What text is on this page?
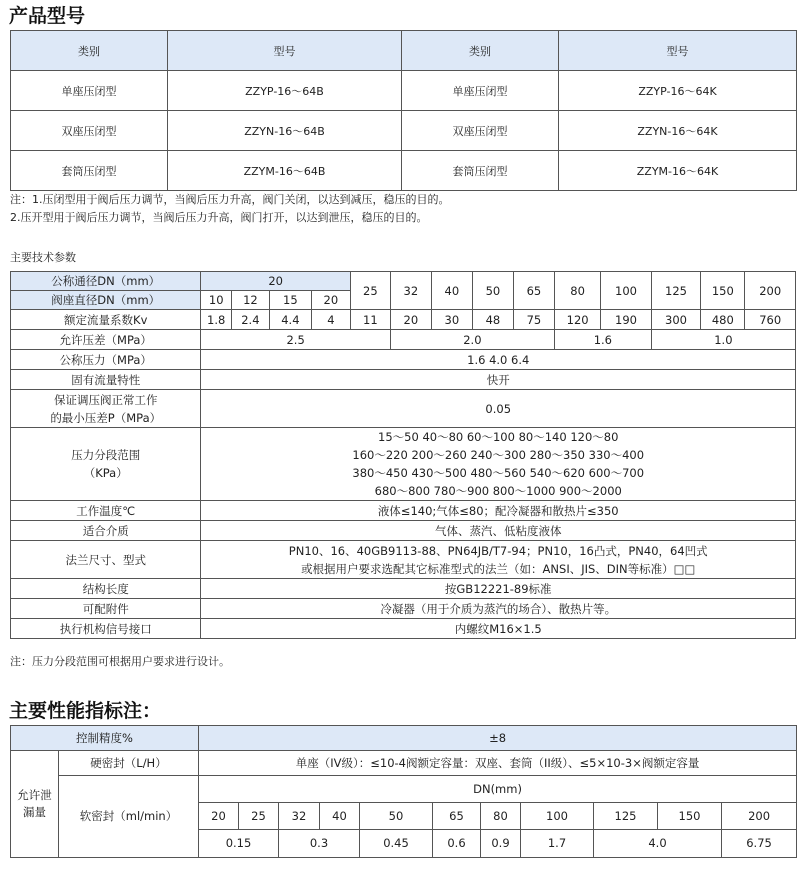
产品型号
类别	型号	类别	型号
单座压闭型	ZZYP-16～64B	单座压闭型	ZZYP-16～64K
双座压闭型	ZZYN-16～64B	双座压闭型	ZZYN-16～64K
套筒压闭型	ZZYM-16～64B	套筒压闭型	ZZYM-16～64K
注：1.压闭型用于阀后压力调节，当阀后压力升高，阀门关闭，以达到减压，稳压的目的。
2.压开型用于阀后压力调节，当阀后压力升高，阀门打开，以达到泄压，稳压的目的。
主要技术参数
公称通径DN（mm）	20				25	32	40	50	65	80	100	125	150	200
阀座直径DN（mm）	10	12	15	20										
额定流量系数Kv	1.8	2.4	4.4	4	11	20	30	48	75	120	190	300	480	760
允许压差（MPa）	2.5					2.0				1.6		1.0		
公称压力（MPa）	1.6 4.0 6.4													
固有流量特性	快开													

保证调压阀正常工作
的最小压差P（MPa）	0.05													

压力分段范围
（KPa）	15～50 40～80 60～100 80～140 120～80
160～220 200～260 240～300 280～350 330～400
380～450 430～500 480～560 540～620 600～700
680～800 780～900 800～1000 900～2000													

工作温度℃	液体≤140;气体≤80；配冷凝器和散热片≤350													
适合介质	气体、蒸汽、低粘度液体													
法兰尺寸、型式	PN10、16、40GB9113-88、PN64JB/T7-94；PN10，16凸式，PN40，64凹式
或根据用户要求选配其它标准型式的法兰（如：ANSI、JIS、DIN等标准）□□													

结构长度	按GB12221-89标准													
可配附件	冷凝器（用于介质为蒸汽的场合）、散热片等。													
执行机构信号接口	内螺纹M16×1.5													
注：压力分段范围可根据用户要求进行设计。
主要性能指标注：
控制精度%		±8										

允许泄
漏量	硬密封（L/H）	单座（IV级）：≤10-4阀额定容量：双座、套筒（II级）、≤5×10-3×阀额定容量										
	软密封（ml/min）	DN(mm)										
		20	25	32	40	50	65	80	100	125	150	200
		0.15		0.3		0.45	0.6	0.9	1.7	4.0		6.75
